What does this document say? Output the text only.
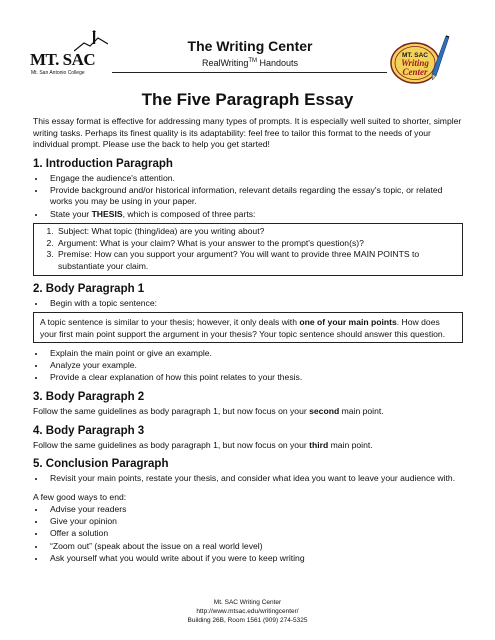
MT. SAC
Mt. San Antonio College
The Writing Center
RealWriting™ Handouts
MT. SAC
Writing
Center
The Five Paragraph Essay

This essay format is effective for addressing many types of prompts. It is especially well suited to shorter, simpler writing tasks. Perhaps its finest quality is its adaptability: feel free to tailor this format to the needs of your individual prompt. Please use the back to help you get started!

1. Introduction Paragraph
• Engage the audience's attention.
• Provide background and/or historical information, relevant details regarding the essay's topic, or related works you may be using in your paper.
• State your THESIS, which is composed of three parts:
1. Subject: What topic (thing/idea) are you writing about?
2. Argument: What is your claim? What is your answer to the prompt's question(s)?
3. Premise: How can you support your argument? You will want to provide three MAIN POINTS to substantiate your claim.
2. Body Paragraph 1
• Begin with a topic sentence:
A topic sentence is similar to your thesis; however, it only deals with one of your main points. How does your first main point support the argument in your thesis? Your topic sentence should answer this question.
• Explain the main point or give an example.
• Analyze your example.
• Provide a clear explanation of how this point relates to your thesis.
3. Body Paragraph 2

Follow the same guidelines as body paragraph 1, but now focus on your second main point.

4. Body Paragraph 3

Follow the same guidelines as body paragraph 1, but now focus on your third main point.

5. Conclusion Paragraph
• Revisit your main points, restate your thesis, and consider what idea you want to leave your audience with.

A few good ways to end:

• Advise your readers
• Give your opinion
• Offer a solution
• “Zoom out” (speak about the issue on a real world level)
• Ask yourself what you would write about if you were to keep writing
Mt. SAC Writing Center
http://www.mtsac.edu/writingcenter/
Building 26B, Room 1561 (909) 274-5325
